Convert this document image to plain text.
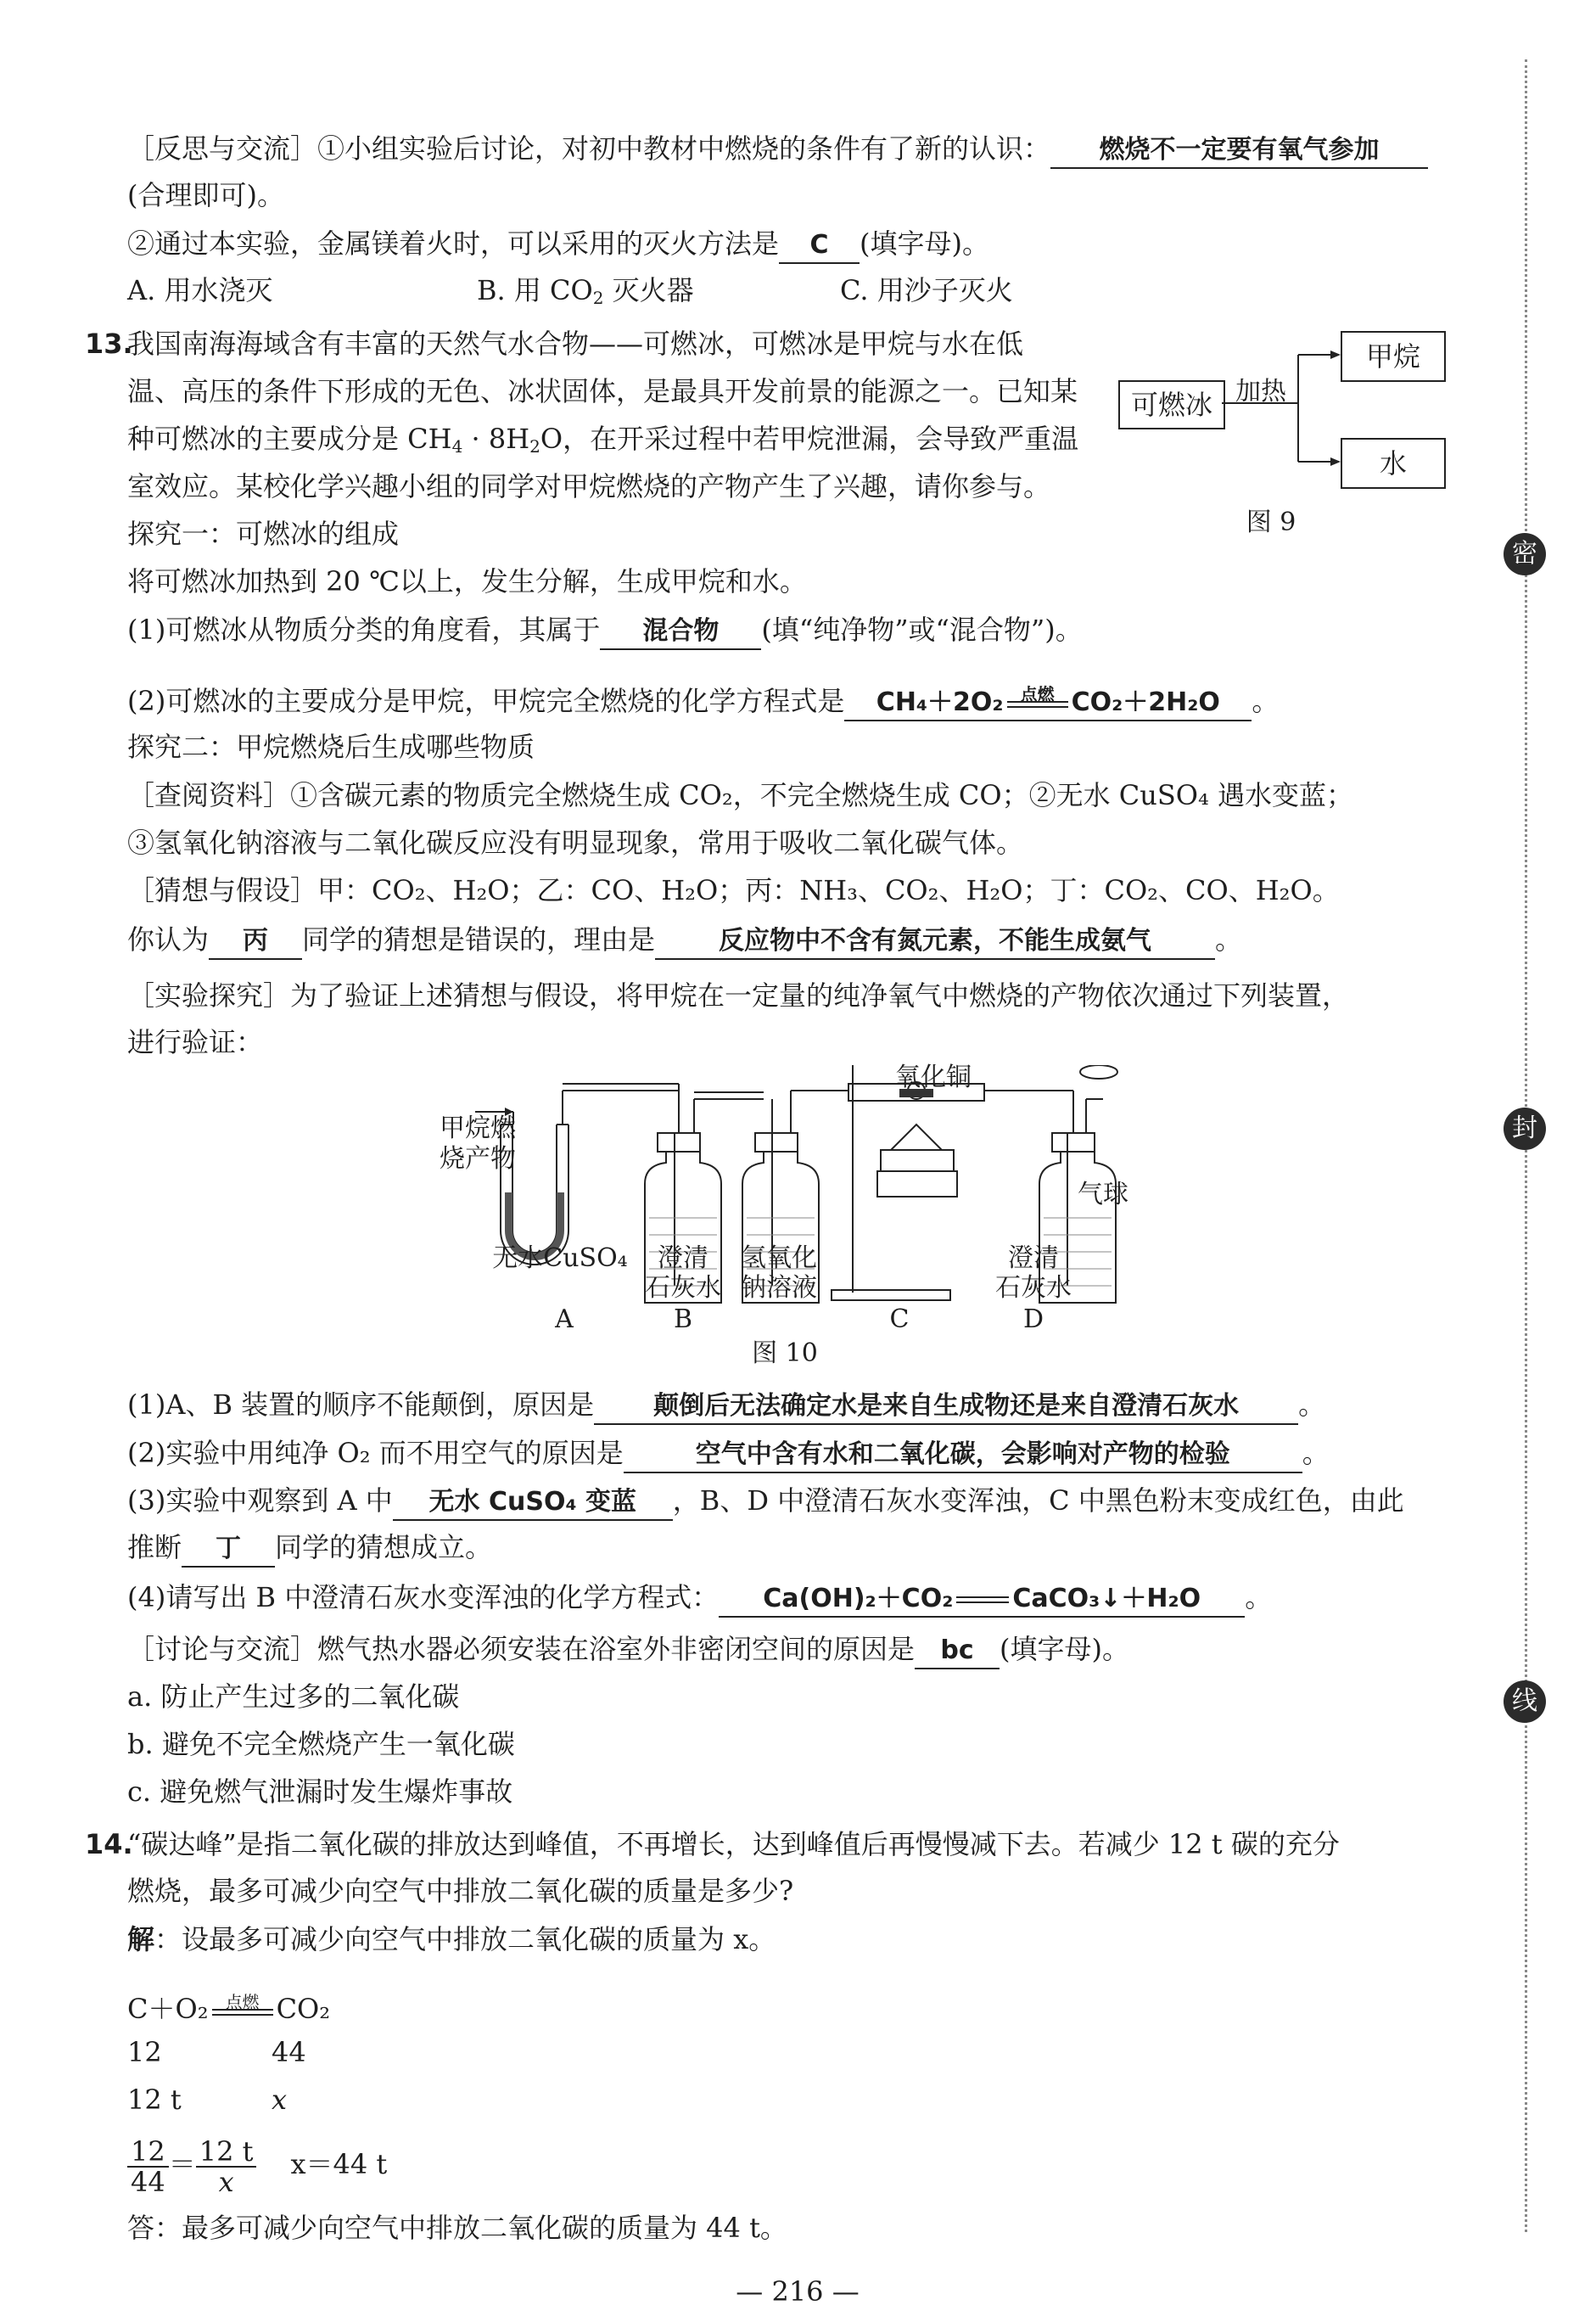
密
封
线
［反思与交流］①小组实验后讨论，对初中教材中燃烧的条件有了新的认识： 燃烧不一定要有氧气参加
(合理即可)。
②通过本实验，金属镁着火时，可以采用的灭火方法是 C (填字母)。
A. 用水浇灭	B. 用 $CO_2$ 灭火器	C. 用沙子灭火
13.
我国南海海域含有丰富的天然气水合物——可燃冰，可燃冰是甲烷与水在低
温、高压的条件下形成的无色、冰状固体，是最具开发前景的能源之一。已知某
种可燃冰的主要成分是 $CH_4 \cdot 8H_2O$，在开采过程中若甲烷泄漏，会导致严重温
室效应。某校化学兴趣小组的同学对甲烷燃烧的产物产生了兴趣，请你参与。
可燃冰
甲烷
水
加热
图 9
探究一：可燃冰的组成
将可燃冰加热到 20 ℃以上，发生分解，生成甲烷和水。
(1)可燃冰从物质分类的角度看，其属于 混合物 (填“纯净物”或“混合物”)。
(2)可燃冰的主要成分是甲烷，甲烷完全燃烧的化学方程式是 CH₄＋2O₂	点燃 CO₂＋2H₂O 。
探究二：甲烷燃烧后生成哪些物质
［查阅资料］①含碳元素的物质完全燃烧生成 CO₂，不完全燃烧生成 CO；②无水 CuSO₄ 遇水变蓝；
③氢氧化钠溶液与二氧化碳反应没有明显现象，常用于吸收二氧化碳气体。
［猜想与假设］甲：CO₂、H₂O；乙：CO、H₂O；丙：NH₃、CO₂、H₂O；丁：CO₂、CO、H₂O。
你认为 丙 同学的猜想是错误的，理由是	反应物中不含有氮元素，不能生成氨气 。
［实验探究］为了验证上述猜想与假设，将甲烷在一定量的纯净氧气中燃烧的产物依次通过下列装置，
进行验证：
甲烷燃
烧产物
氧化铜
气球
无水CuSO₄	澄清
石灰水
氢氧化
钠溶液
澄清
石灰水
A	B	C	D
图 10
(1)A、B 装置的顺序不能颠倒，原因是 颠倒后无法确定水是来自生成物还是来自澄清石灰水 。
(2)实验中用纯净 O₂ 而不用空气的原因是	空气中含有水和二氧化碳，会影响对产物的检验	。
(3)实验中观察到 A 中 无水 CuSO₄ 变蓝 ，B、D 中澄清石灰水变浑浊，C 中黑色粉末变成红色，由此
推断 丁 同学的猜想成立。
(4)请写出 B 中澄清石灰水变浑浊的化学方程式： Ca(OH)₂＋CO₂ CaCO₃↓＋H₂O 。
［讨论与交流］燃气热水器必须安装在浴室外非密闭空间的原因是 bc (填字母)。
a. 防止产生过多的二氧化碳
b. 避免不完全燃烧产生一氧化碳
c. 避免燃气泄漏时发生爆炸事故
14.
“碳达峰”是指二氧化碳的排放达到峰值，不再增长，达到峰值后再慢慢减下去。若减少 12 t 碳的充分
燃烧，最多可减少向空气中排放二氧化碳的质量是多少?
解：设最多可减少向空气中排放二氧化碳的质量为 x。
C＋O₂	点燃 CO₂
12	44
12 t	x
$\frac{12}{44} = \frac{12 t}{x} x=44$ t
答：最多可减少向空气中排放二氧化碳的质量为 44 t。
— 216 —
